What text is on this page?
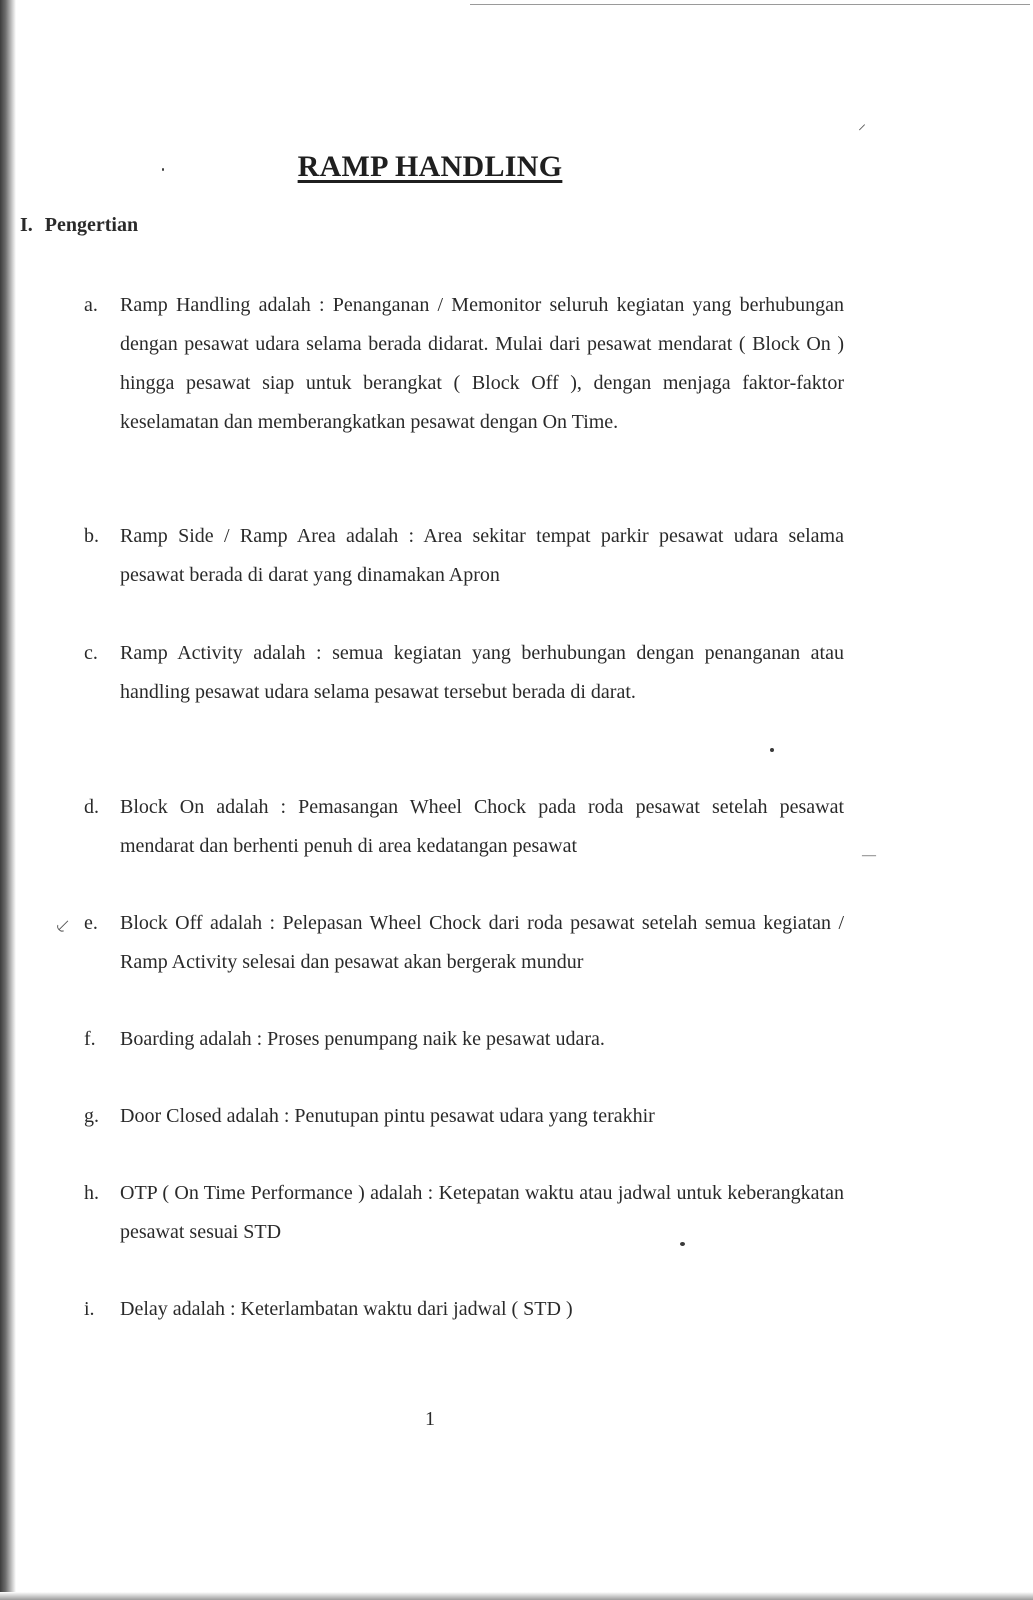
⸝
⸔
—
RAMP HANDLING
I. Pengertian
a.	Ramp Handling adalah : Penanganan / Memonitor seluruh kegiatan yang berhubungan dengan pesawat udara selama berada didarat. Mulai dari pesawat mendarat ( Block On ) hingga pesawat siap untuk berangkat ( Block Off ), dengan menjaga faktor-faktor keselamatan dan memberangkatkan pesawat dengan On Time.
b.	Ramp Side / Ramp Area adalah : Area sekitar tempat parkir pesawat udara selama pesawat berada di darat yang dinamakan Apron
c.	Ramp Activity adalah : semua kegiatan yang berhubungan dengan penanganan atau handling pesawat udara selama pesawat tersebut berada di darat.
d.	Block On adalah : Pemasangan Wheel Chock pada roda pesawat setelah pesawat mendarat dan berhenti penuh di area kedatangan pesawat
e.	Block Off adalah : Pelepasan Wheel Chock dari roda pesawat setelah semua kegiatan / Ramp Activity selesai dan pesawat akan bergerak mundur
f.	Boarding adalah : Proses penumpang naik ke pesawat udara.
g.	Door Closed adalah : Penutupan pintu pesawat udara yang terakhir
h.	OTP ( On Time Performance ) adalah : Ketepatan waktu atau jadwal untuk keberangkatan pesawat sesuai STD
i.	Delay adalah : Keterlambatan waktu dari jadwal ( STD )
1
